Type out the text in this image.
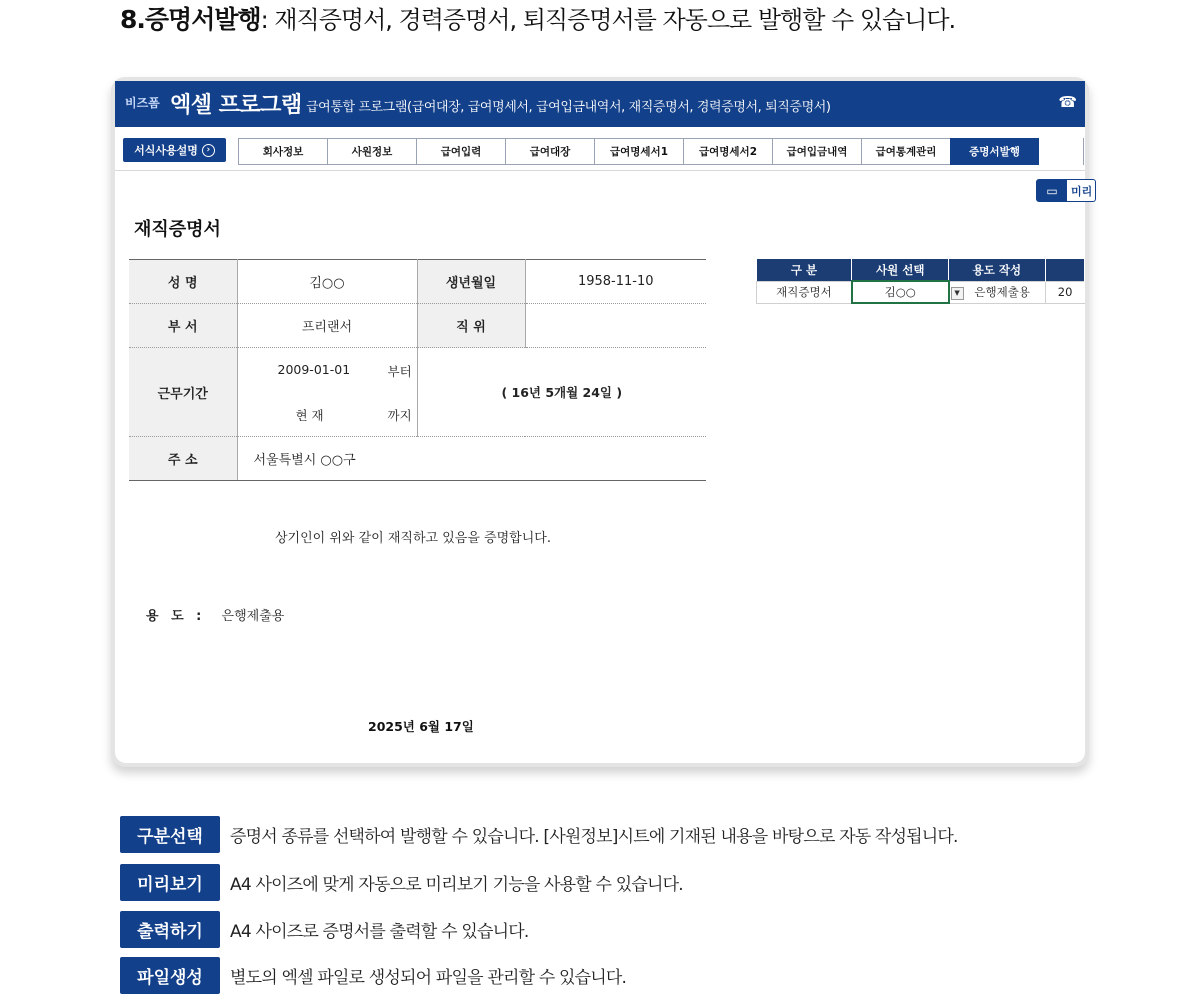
8.증명서발행 : 재직증명서, 경력증명서, 퇴직증명서를 자동으로 발행할 수 있습니다.
비즈폼 엑셀 프로그램 급여통합 프로그램(급여대장, 급여명세서, 급여입금내역서, 재직증명서, 경력증명서, 퇴직증명서)	☎
서식사용설명 ›	회사정보	사원정보	급여입력	급여대장	급여명세서1	급여명세서2	급여입금내역	급여통계관리	증명서발행
▭	미리
재직증명서
성 명	김○○	생년월일	1958-11-10
부 서	프리랜서	직 위	
근무기간	2009-01-01 부터
현 재 까지	( 16년 5개월 24일 )	
주 소	서울특별시 ○○구		
상기인이 위와 같이 재직하고 있음을 증명합니다.
용 도 : 은행제출용
2025년 6월 17일
구 분	사원 선택	용도 작성	
재직증명서	김○○ ▼	은행제출용	20
구분선택	증명서 종류를 선택하여 발행할 수 있습니다. [사원정보]시트에 기재된 내용을 바탕으로 자동 작성됩니다.
미리보기	A4 사이즈에 맞게 자동으로 미리보기 기능을 사용할 수 있습니다.
출력하기	A4 사이즈로 증명서를 출력할 수 있습니다.
파일생성	별도의 엑셀 파일로 생성되어 파일을 관리할 수 있습니다.
